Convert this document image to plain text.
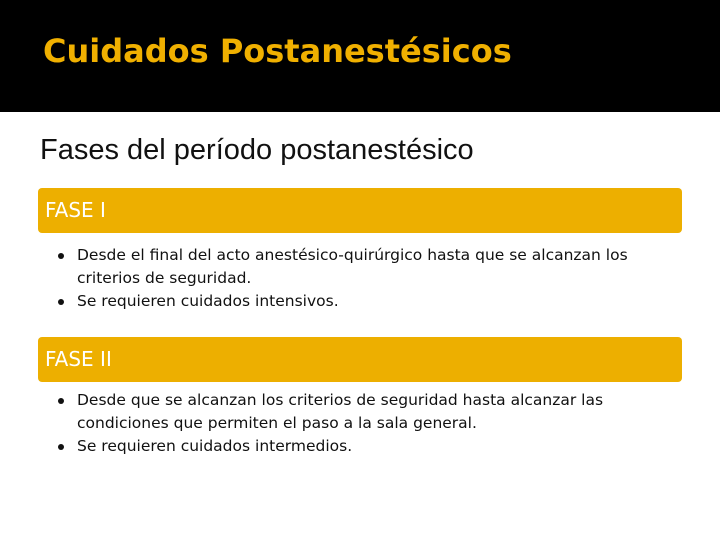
Cuidados Postanestésicos
Fases del período postanestésico
FASE I
Desde el final del acto anestésico-quirúrgico hasta que se alcanzan los criterios de seguridad.
Se requieren cuidados intensivos.
FASE II
Desde que se alcanzan los criterios de seguridad hasta alcanzar las condiciones que permiten el paso a la sala general.
Se requieren cuidados intermedios.
